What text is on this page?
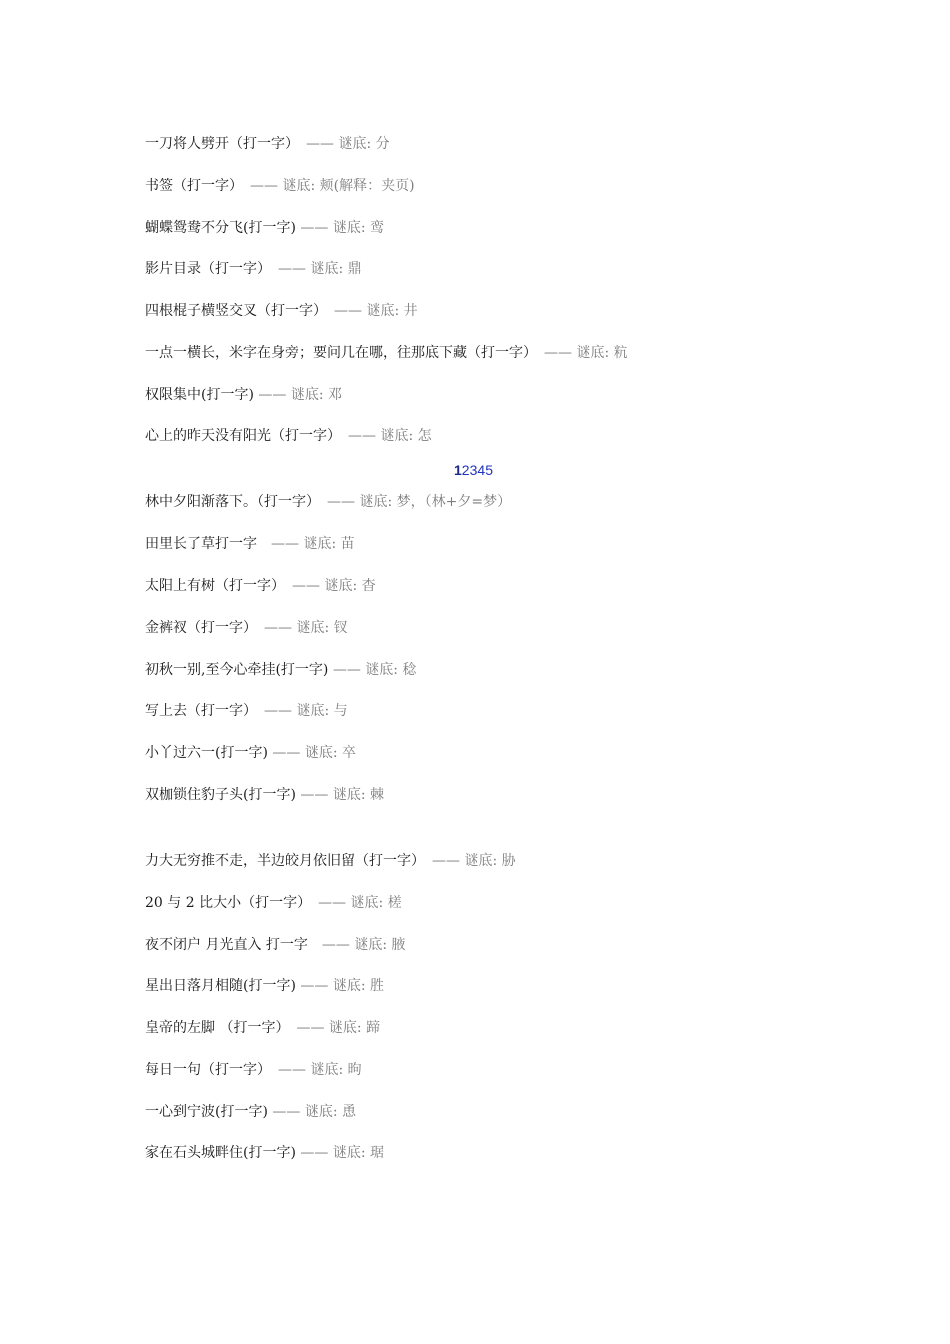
一刀将人劈开（打一字）　—— 谜底: 分

书签（打一字）　—— 谜底: 颊(解释：夹页)

蝴蝶鸳鸯不分飞(打一字) —— 谜底: 鸾

影片目录（打一字）　—— 谜底: 鼎

四根棍子横竖交叉（打一字）　—— 谜底: 井

一点一横长，米字在身旁；要问几在哪，往那底下藏（打一字）　—— 谜底: 粇

权限集中(打一字) —— 谜底: 邓

心上的昨天没有阳光（打一字）　—— 谜底: 怎

12345

林中夕阳渐落下。（打一字）　—— 谜底: 梦，（林+夕=梦）

田里长了草打一字　—— 谜底: 苗

太阳上有树（打一字）　—— 谜底: 杳

金裤衩（打一字）　—— 谜底: 钗

初秋一别,至今心牵挂(打一字) —— 谜底: 稔

写上去（打一字）　—— 谜底: 与

小丫过六一(打一字) —— 谜底: 卒

双枷锁住豹子头(打一字) —— 谜底: 棘

力大无穷推不走，半边皎月依旧留（打一字）　—— 谜底: 胁

20 与 2 比大小（打一字）　—— 谜底: 槎

夜不闭户 月光直入 打一字　—— 谜底: 腋

星出日落月相随(打一字) —— 谜底: 胜

皇帝的左脚 （打一字）　—— 谜底: 蹄

每日一句（打一字）　—— 谜底: 昫

一心到宁波(打一字) —— 谜底: 恿

家在石头城畔住(打一字) —— 谜底: 琚
